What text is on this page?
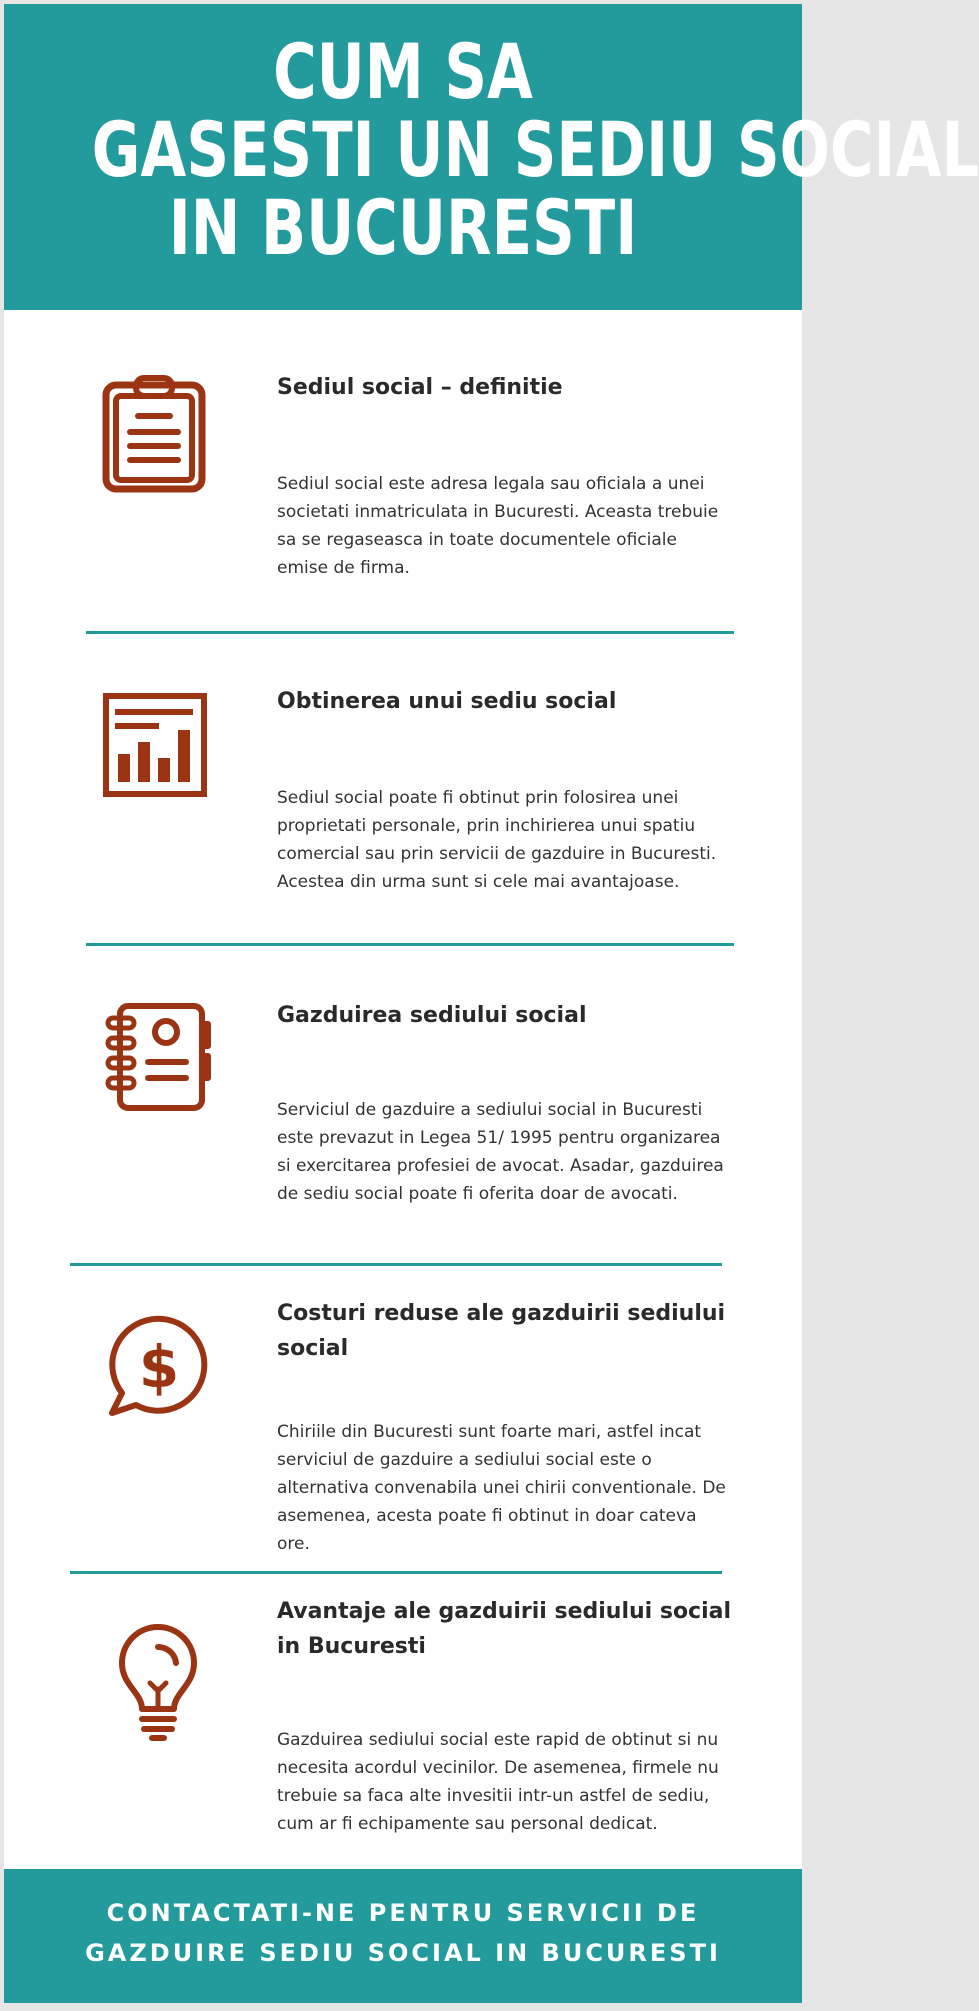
CUM SA
GASESTI UN SEDIU SOCIAL
IN BUCURESTI
Sediul social – definitie

Sediul social este adresa legala sau oficiala a unei societati inmatriculata in Bucuresti. Aceasta trebuie sa se regaseasca in toate documentele oficiale emise de firma.

Obtinerea unui sediu social

Sediul social poate fi obtinut prin folosirea unei proprietati personale, prin inchirierea unui spatiu comercial sau prin servicii de gazduire in Bucuresti. Acestea din urma sunt si cele mai avantajoase.

Gazduirea sediului social

Serviciul de gazduire a sediului social in Bucuresti este prevazut in Legea 51/ 1995 pentru organizarea si exercitarea profesiei de avocat. Asadar, gazduirea de sediu social poate fi oferita doar de avocati.

$
Costuri reduse ale gazduirii sediului social

Chiriile din Bucuresti sunt foarte mari, astfel incat serviciul de gazduire a sediului social este o alternativa convenabila unei chirii conventionale. De asemenea, acesta poate fi obtinut in doar cateva ore.

Avantaje ale gazduirii sediului social in Bucuresti

Gazduirea sediului social este rapid de obtinut si nu necesita acordul vecinilor. De asemenea, firmele nu trebuie sa faca alte invesitii intr-un astfel de sediu, cum ar fi echipamente sau personal dedicat.

CONTACTATI-NE PENTRU SERVICII DE
GAZDUIRE SEDIU SOCIAL IN BUCURESTI
